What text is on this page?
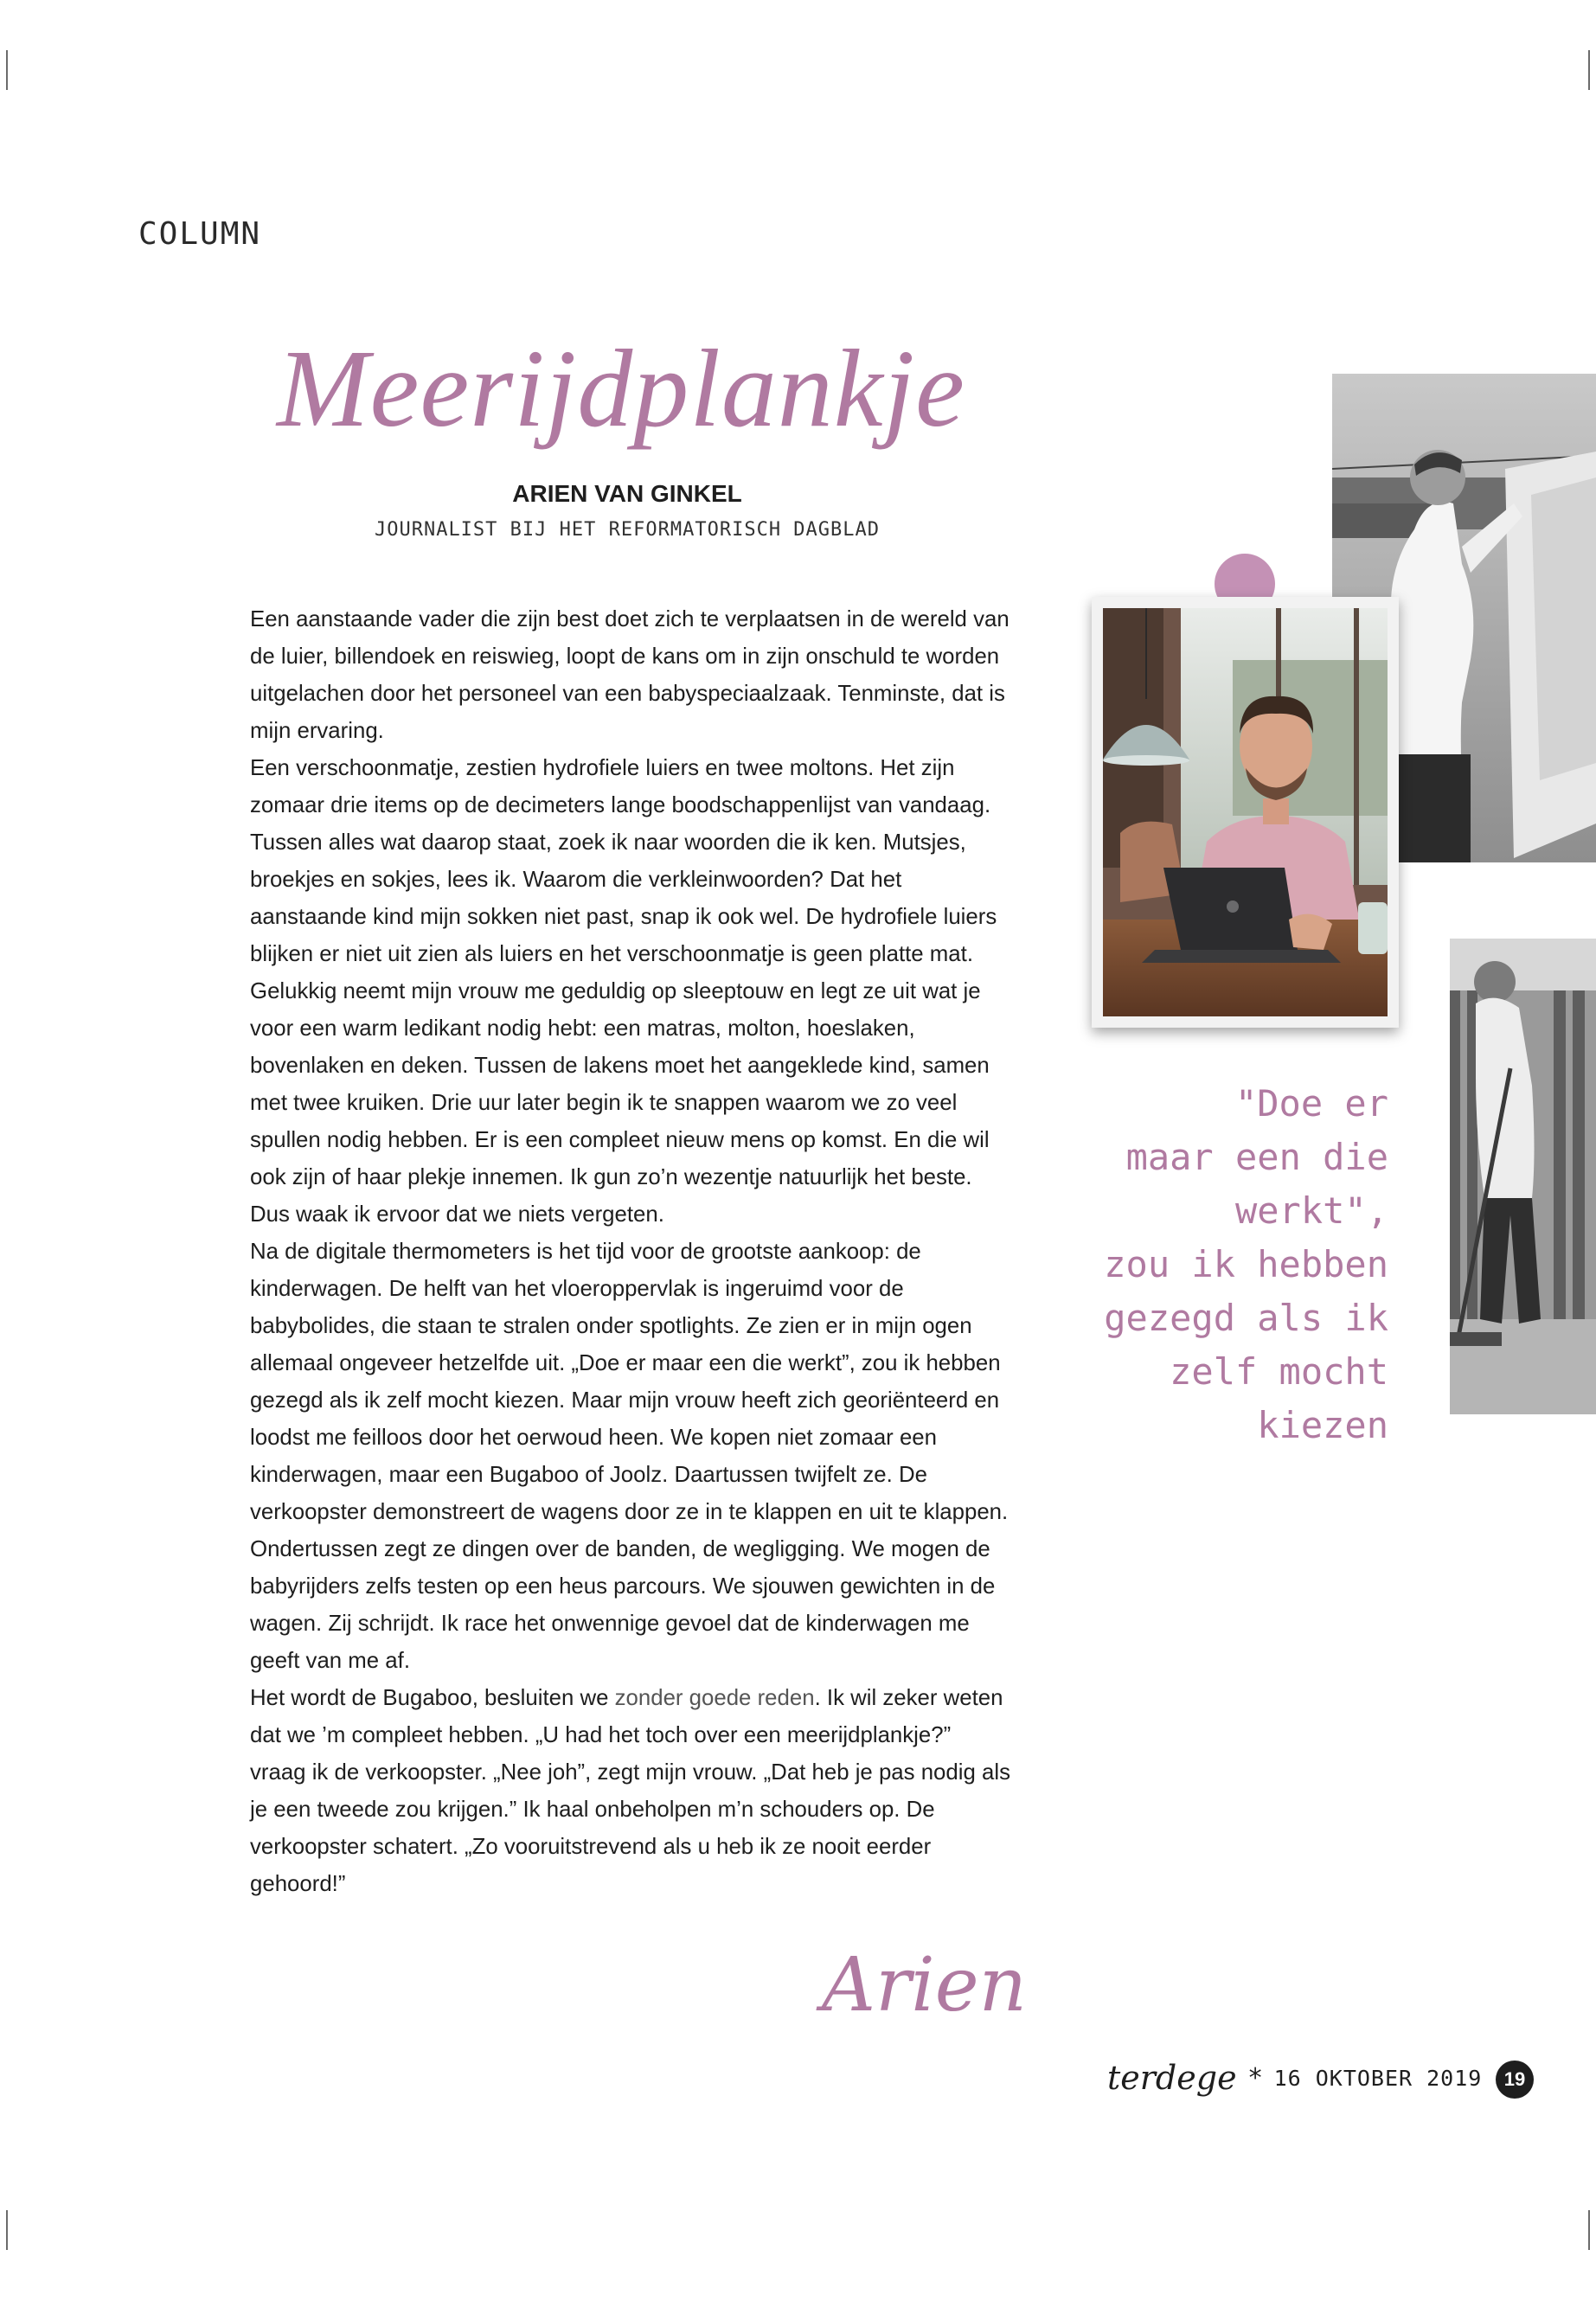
COLUMN
Meerijdplankje
ARIEN VAN GINKEL
JOURNALIST BIJ HET REFORMATORISCH DAGBLAD

Een aanstaande vader die zijn best doet zich te verplaatsen in de wereld van de luier, billendoek en reiswieg, loopt de kans om in zijn onschuld te worden uitgelachen door het personeel van een babyspeciaalzaak. Tenminste, dat is mijn ervaring.

Een verschoonmatje, zestien hydrofiele luiers en twee moltons. Het zijn zomaar drie items op de decimeters lange boodschappenlijst van vandaag. Tussen alles wat daarop staat, zoek ik naar woorden die ik ken. Mutsjes, broekjes en sokjes, lees ik. Waarom die verkleinwoorden? Dat het aanstaande kind mijn sokken niet past, snap ik ook wel. De hydrofiele luiers blijken er niet uit zien als luiers en het verschoonmatje is geen platte mat. Gelukkig neemt mijn vrouw me geduldig op sleeptouw en legt ze uit wat je voor een warm ledikant nodig hebt: een matras, molton, hoeslaken, bovenlaken en deken. Tussen de lakens moet het aangeklede kind, samen met twee kruiken. Drie uur later begin ik te snappen waarom we zo veel spullen nodig hebben. Er is een compleet nieuw mens op komst. En die wil ook zijn of haar plekje innemen. Ik gun zo’n wezentje natuurlijk het beste. Dus waak ik ervoor dat we niets vergeten.

Na de digitale thermometers is het tijd voor de grootste aankoop: de kinderwagen. De helft van het vloeroppervlak is ingeruimd voor de babybolides, die staan te stralen onder spotlights. Ze zien er in mijn ogen allemaal ongeveer hetzelfde uit. „Doe er maar een die werkt”, zou ik hebben gezegd als ik zelf mocht kiezen. Maar mijn vrouw heeft zich georiënteerd en loodst me feilloos door het oerwoud heen. We kopen niet zomaar een kinderwagen, maar een Bugaboo of Joolz. Daartussen twijfelt ze. De verkoopster demonstreert de wagens door ze in te klappen en uit te klappen. Ondertussen zegt ze dingen over de banden, de wegligging. We mogen de babyrijders zelfs testen op een heus parcours. We sjouwen gewichten in de wagen. Zij schrijdt. Ik race het onwennige gevoel dat de kinderwagen me geeft van me af.

Het wordt de Bugaboo, besluiten we zonder goede reden. Ik wil zeker weten dat we ’m compleet hebben. „U had het toch over een meerijdplankje?” vraag ik de verkoopster. „Nee joh”, zegt mijn vrouw. „Dat heb je pas nodig als je een tweede zou krijgen.” Ik haal onbeholpen m’n schouders op. De verkoopster schatert. „Zo vooruitstrevend als u heb ik ze nooit eerder gehoord!”

"Doe er
maar een die
werkt",
zou ik hebben
gezegd als ik
zelf mocht
kiezen
Arien
terdege * 16 OKTOBER 2019	19
